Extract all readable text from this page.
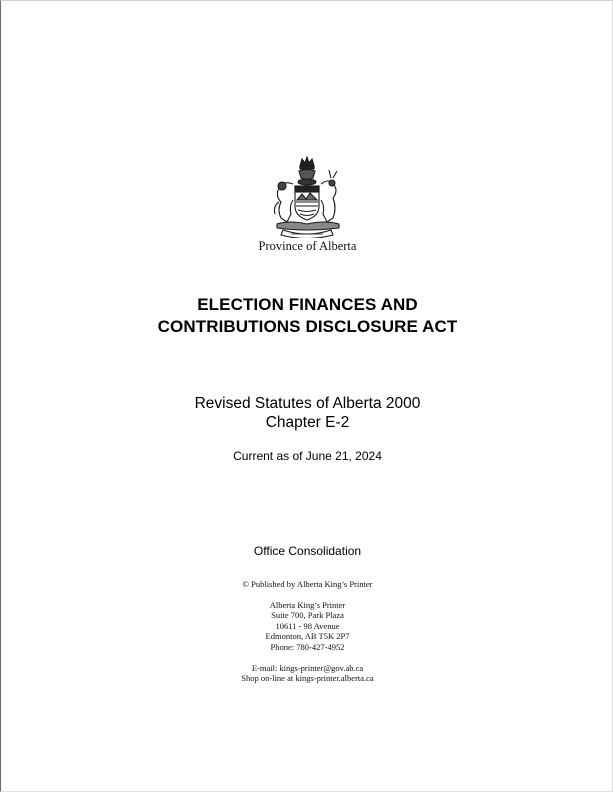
Province of Alberta
ELECTION FINANCES AND
CONTRIBUTIONS DISCLOSURE ACT
Revised Statutes of Alberta 2000
Chapter E-2
Current as of June 21, 2024
Office Consolidation
© Published by Alberta King’s Printer
Alberta King’s Printer
Suite 700, Park Plaza
10611 - 98 Avenue
Edmonton, AB T5K 2P7
Phone: 780-427-4952
E-mail: kings-printer@gov.ab.ca
Shop on-line at kings-printer.alberta.ca
